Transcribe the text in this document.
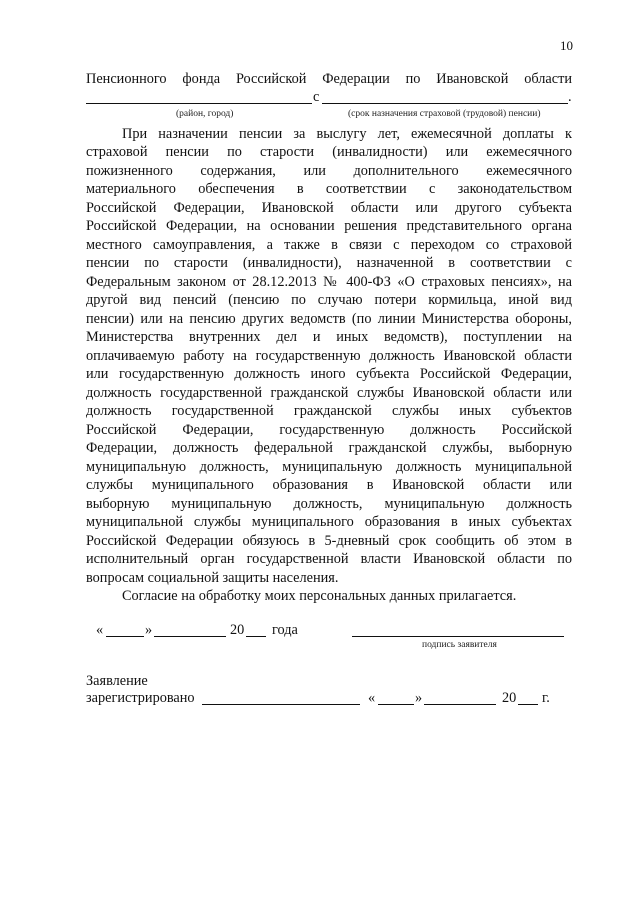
10
Пенсионного фонда Российской Федерации по Ивановской области
с	.
(район, город)	(срок назначения страховой (трудовой) пенсии)
При назначении пенсии за выслугу лет, ежемесячной доплаты к
страховой пенсии по старости (инвалидности) или ежемесячного
пожизненного содержания, или дополнительного ежемесячного
материального обеспечения в соответствии с законодательством
Российской Федерации, Ивановской области или другого субъекта
Российской Федерации, на основании решения представительного органа
местного самоуправления, а также в связи с переходом со страховой
пенсии по старости (инвалидности), назначенной в соответствии с
Федеральным законом от 28.12.2013 № 400-ФЗ «О страховых пенсиях», на
другой вид пенсий (пенсию по случаю потери кормильца, иной вид
пенсии) или на пенсию других ведомств (по линии Министерства обороны,
Министерства внутренних дел и иных ведомств), поступлении на
оплачиваемую работу на государственную должность Ивановской области
или государственную должность иного субъекта Российской Федерации,
должность государственной гражданской службы Ивановской области или
должность государственной гражданской службы иных субъектов
Российской Федерации, государственную должность Российской
Федерации, должность федеральной гражданской службы, выборную
муниципальную должность, муниципальную должность муниципальной
службы муниципального образования в Ивановской области или
выборную муниципальную должность, муниципальную должность
муниципальной службы муниципального образования в иных субъектах
Российской Федерации обязуюсь в 5-дневный срок сообщить об этом в
исполнительный орган государственной власти Ивановской области по
вопросам социальной защиты населения.
Согласие на обработку моих персональных данных прилагается.
«	»	20 года
подпись заявителя
Заявление
зарегистрировано	«	»	20 г.
